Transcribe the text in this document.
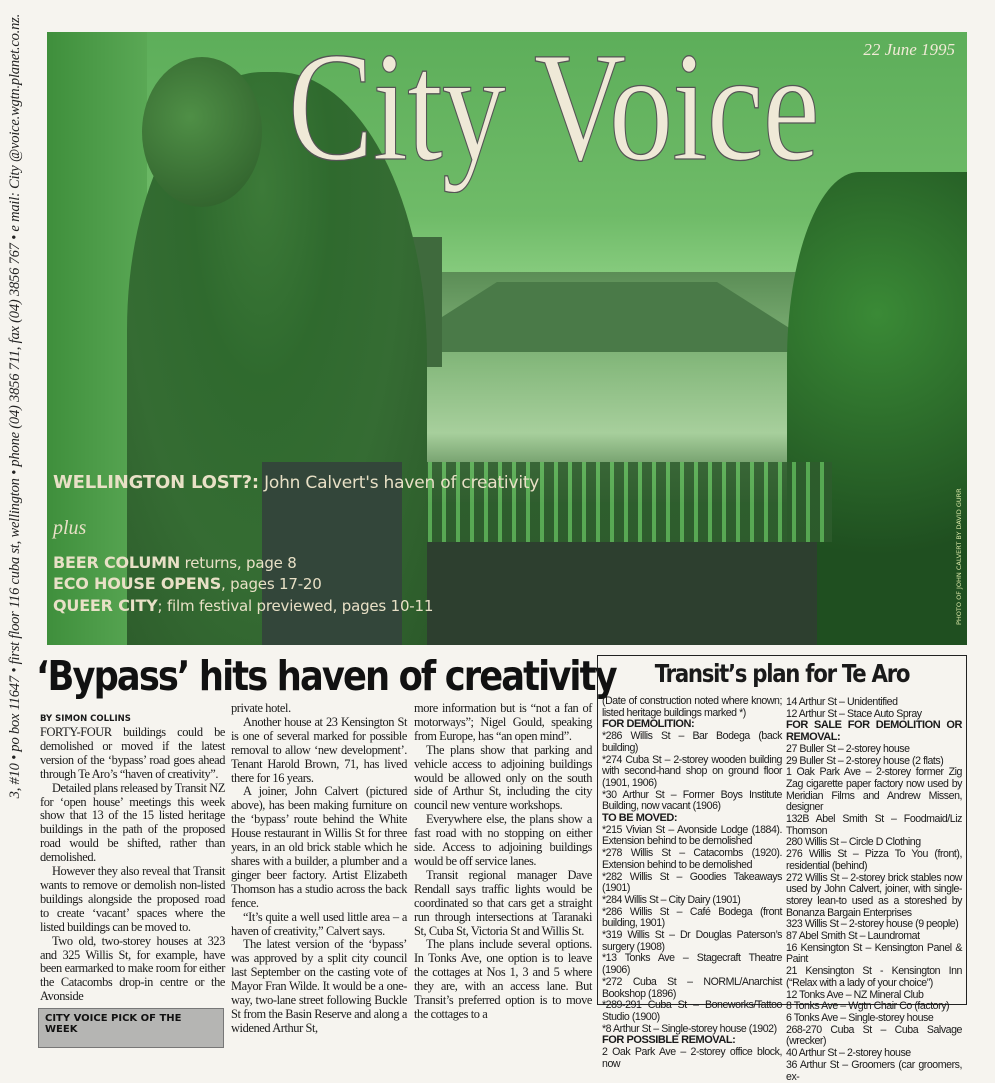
3, #10 • po box 11647 • first floor 116 cuba st, wellington • phone (04) 3856 711, fax (04) 3856 767 • e mail: City @voice.wgtn.planet.co.nz. City Voice	22 June 1995
WELLINGTON LOST?: John Calvert's haven of creativity
plus
BEER COLUMN returns, page 8
ECO HOUSE OPENS, pages 17-20
QUEER CITY; film festival previewed, pages 10-11	PHOTO OF JOHN CALVERT BY DAVID GURR
‘Bypass’ hits haven of creativity
BY SIMON COLLINS

FORTY-FOUR buildings could be demolished or moved if the latest version of the ‘bypass’ road goes ahead through Te Aro’s “haven of creativity”.

Detailed plans released by Transit NZ for ‘open house’ meetings this week show that 13 of the 15 listed heritage buildings in the path of the proposed road would be shifted, rather than demolished.

However they also reveal that Transit wants to remove or demolish non-listed buildings alongside the proposed road to create ‘vacant’ spaces where the listed buildings can be moved to.

Two old, two-storey houses at 323 and 325 Willis St, for example, have been earmarked to make room for either the Catacombs drop-in centre or the Avonside

private hotel.

Another house at 23 Kensington St is one of several marked for possible removal to allow ‘new development’. Tenant Harold Brown, 71, has lived there for 16 years.

A joiner, John Calvert (pictured above), has been making furniture on the ‘bypass’ route behind the White House restaurant in Willis St for three years, in an old brick stable which he shares with a builder, a plumber and a ginger beer factory. Artist Elizabeth Thomson has a studio across the back fence.

“It’s quite a well used little area – a haven of creativity,” Calvert says.

The latest version of the ‘bypass’ was approved by a split city council last September on the casting vote of Mayor Fran Wilde. It would be a one-way, two-lane street following Buckle St from the Basin Reserve and along a widened Arthur St,

more information but is “not a fan of motorways”; Nigel Gould, speaking from Europe, has “an open mind”.

The plans show that parking and vehicle access to adjoining buildings would be allowed only on the south side of Arthur St, including the city council new venture workshops.

Everywhere else, the plans show a fast road with no stopping on either side. Access to adjoining buildings would be off service lanes.

Transit regional manager Dave Rendall says traffic lights would be coordinated so that cars get a straight run through intersections at Taranaki St, Cuba St, Victoria St and Willis St.

The plans include several options. In Tonks Ave, one option is to leave the cottages at Nos 1, 3 and 5 where they are, with an access lane. But Transit’s preferred option is to move the cottages to a

CITY VOICE PICK OF THE WEEK
Transit’s plan for Te Aro
(Date of construction noted where known; listed heritage buildings marked *)
FOR DEMOLITION:
*286 Willis St – Bar Bodega (back building)
*274 Cuba St – 2-storey wooden building with second-hand shop on ground floor (1901, 1906)
*30 Arthur St – Former Boys Institute Building, now vacant (1906)
TO BE MOVED:
*215 Vivian St – Avonside Lodge (1884). Extension behind to be demolished
*278 Willis St – Catacombs (1920). Extension behind to be demolished
*282 Willis St – Goodies Takeaways (1901)
*284 Willis St – City Dairy (1901)
*286 Willis St – Café Bodega (front building, 1901)
*319 Willis St – Dr Douglas Paterson’s surgery (1908)
*13 Tonks Ave – Stagecraft Theatre (1906)
*272 Cuba St – NORML/Anarchist Bookshop (1896)
*289-291 Cuba St – Boneworks/Tattoo Studio (1900)
*8 Arthur St – Single-storey house (1902)
FOR POSSIBLE REMOVAL:
2 Oak Park Ave – 2-storey office block, now
14 Arthur St – Unidentified
12 Arthur St – Stace Auto Spray
FOR SALE FOR DEMOLITION OR REMOVAL:
27 Buller St – 2-storey house
29 Buller St – 2-storey house (2 flats)
1 Oak Park Ave – 2-storey former Zig Zag cigarette paper factory now used by Meridian Films and Andrew Missen, designer
132B Abel Smith St – Foodmaid/Liz Thomson
280 Willis St – Circle D Clothing
276 Willis St – Pizza To You (front), residential (behind)
272 Willis St – 2-storey brick stables now used by John Calvert, joiner, with single-storey lean-to used as a storeshed by Bonanza Bargain Enterprises
323 Willis St – 2-storey house (9 people)
87 Abel Smith St – Laundromat
16 Kensington St – Kensington Panel & Paint
21 Kensington St - Kensington Inn (“Relax with a lady of your choice”)
12 Tonks Ave – NZ Mineral Club
8 Tonks Ave – Wgtn Chair Co (factory)
6 Tonks Ave – Single-storey house
268-270 Cuba St – Cuba Salvage (wrecker)
40 Arthur St – 2-storey house
36 Arthur St – Groomers (car groomers, ex-
